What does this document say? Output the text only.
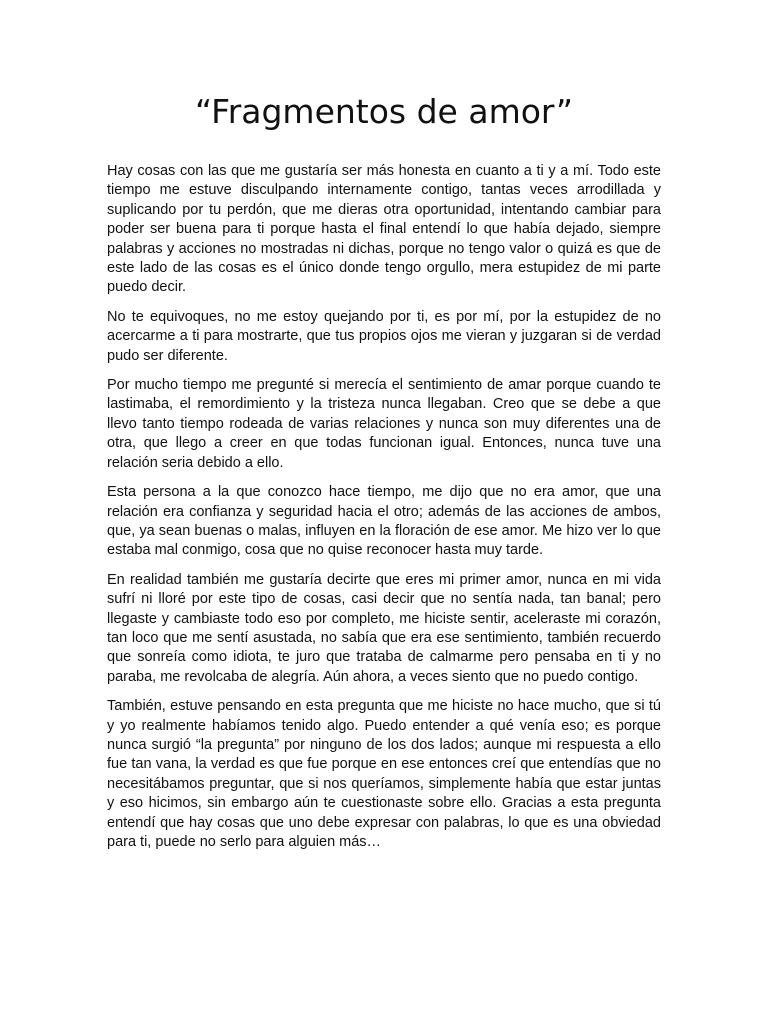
“Fragmentos de amor”

Hay cosas con las que me gustaría ser más honesta en cuanto a ti y a mí. Todo este tiempo me estuve disculpando internamente contigo, tantas veces arrodillada y suplicando por tu perdón, que me dieras otra oportunidad, intentando cambiar para poder ser buena para ti porque hasta el final entendí lo que había dejado, siempre palabras y acciones no mostradas ni dichas, porque no tengo valor o quizá es que de este lado de las cosas es el único donde tengo orgullo, mera estupidez de mi parte puedo decir.

No te equivoques, no me estoy quejando por ti, es por mí, por la estupidez de no acercarme a ti para mostrarte, que tus propios ojos me vieran y juzgaran si de verdad pudo ser diferente.

Por mucho tiempo me pregunté si merecía el sentimiento de amar porque cuando te lastimaba, el remordimiento y la tristeza nunca llegaban. Creo que se debe a que llevo tanto tiempo rodeada de varias relaciones y nunca son muy diferentes una de otra, que llego a creer en que todas funcionan igual. Entonces, nunca tuve una relación seria debido a ello.

Esta persona a la que conozco hace tiempo, me dijo que no era amor, que una relación era confianza y seguridad hacia el otro; además de las acciones de ambos, que, ya sean buenas o malas, influyen en la floración de ese amor. Me hizo ver lo que estaba mal conmigo, cosa que no quise reconocer hasta muy tarde.

En realidad también me gustaría decirte que eres mi primer amor, nunca en mi vida sufrí ni lloré por este tipo de cosas, casi decir que no sentía nada, tan banal; pero llegaste y cambiaste todo eso por completo, me hiciste sentir, aceleraste mi corazón, tan loco que me sentí asustada, no sabía que era ese sentimiento, también recuerdo que sonreía como idiota, te juro que trataba de calmarme pero pensaba en ti y no paraba, me revolcaba de alegría. Aún ahora, a veces siento que no puedo contigo.

También, estuve pensando en esta pregunta que me hiciste no hace mucho, que si tú y yo realmente habíamos tenido algo. Puedo entender a qué venía eso; es porque nunca surgió “la pregunta” por ninguno de los dos lados; aunque mi respuesta a ello fue tan vana, la verdad es que fue porque en ese entonces creí que entendías que no necesitábamos preguntar, que si nos queríamos, simplemente había que estar juntas y eso hicimos, sin embargo aún te cuestionaste sobre ello. Gracias a esta pregunta entendí que hay cosas que uno debe expresar con palabras, lo que es una obviedad para ti, puede no serlo para alguien más…
